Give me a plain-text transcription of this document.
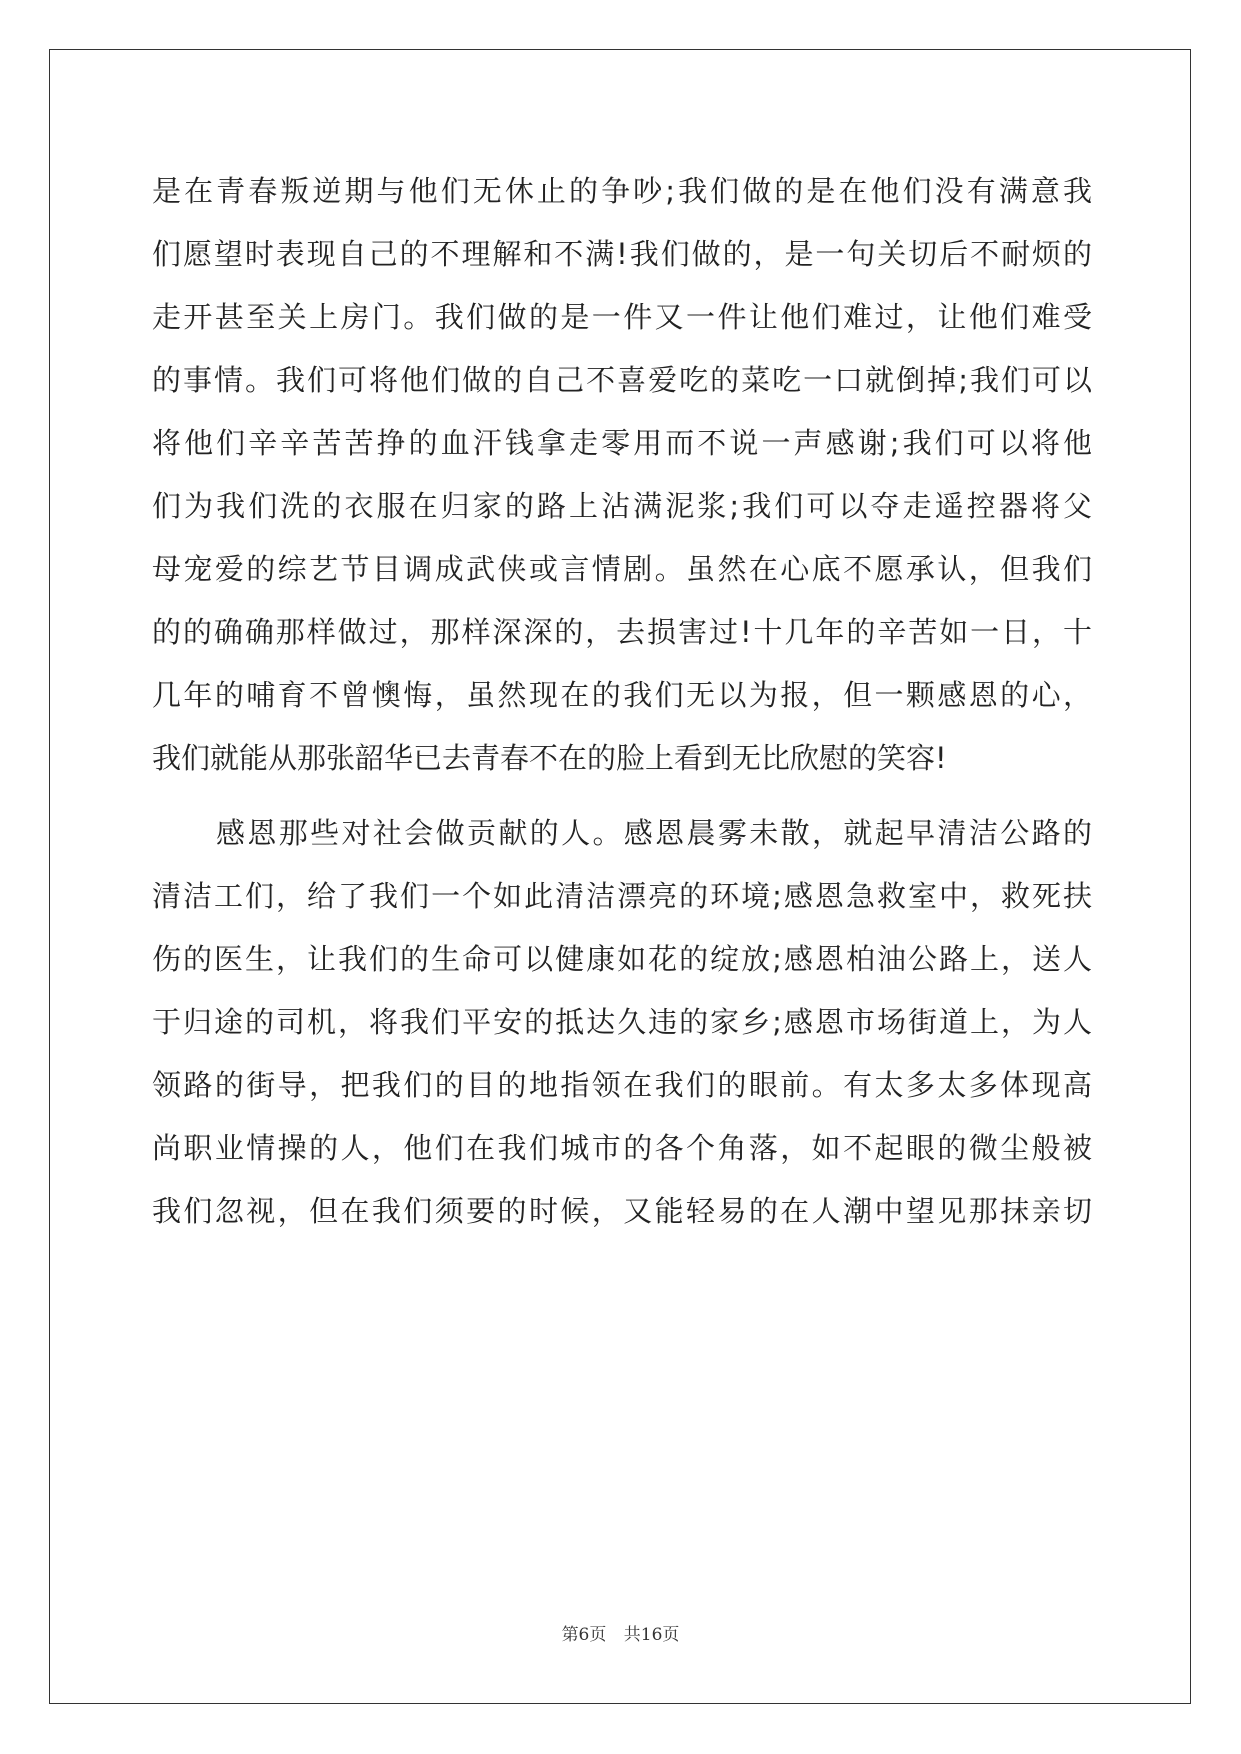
是在青春叛逆期与他们无休止的争吵;我们做的是在他们没有满意我
们愿望时表现自己的不理解和不满!我们做的，是一句关切后不耐烦的
走开甚至关上房门。我们做的是一件又一件让他们难过，让他们难受
的事情。我们可将他们做的自己不喜爱吃的菜吃一口就倒掉;我们可以
将他们辛辛苦苦挣的血汗钱拿走零用而不说一声感谢;我们可以将他
们为我们洗的衣服在归家的路上沾满泥浆;我们可以夺走遥控器将父
母宠爱的综艺节目调成武侠或言情剧。虽然在心底不愿承认，但我们
的的确确那样做过，那样深深的，去损害过!十几年的辛苦如一日，十
几年的哺育不曾懊悔，虽然现在的我们无以为报，但一颗感恩的心，
我们就能从那张韶华已去青春不在的脸上看到无比欣慰的笑容!
感恩那些对社会做贡献的人。感恩晨雾未散，就起早清洁公路的
清洁工们，给了我们一个如此清洁漂亮的环境;感恩急救室中，救死扶
伤的医生，让我们的生命可以健康如花的绽放;感恩柏油公路上，送人
于归途的司机，将我们平安的抵达久违的家乡;感恩市场街道上，为人
领路的街导，把我们的目的地指领在我们的眼前。有太多太多体现高
尚职业情操的人，他们在我们城市的各个角落，如不起眼的微尘般被
我们忽视，但在我们须要的时候，又能轻易的在人潮中望见那抹亲切
第6页 共16页
